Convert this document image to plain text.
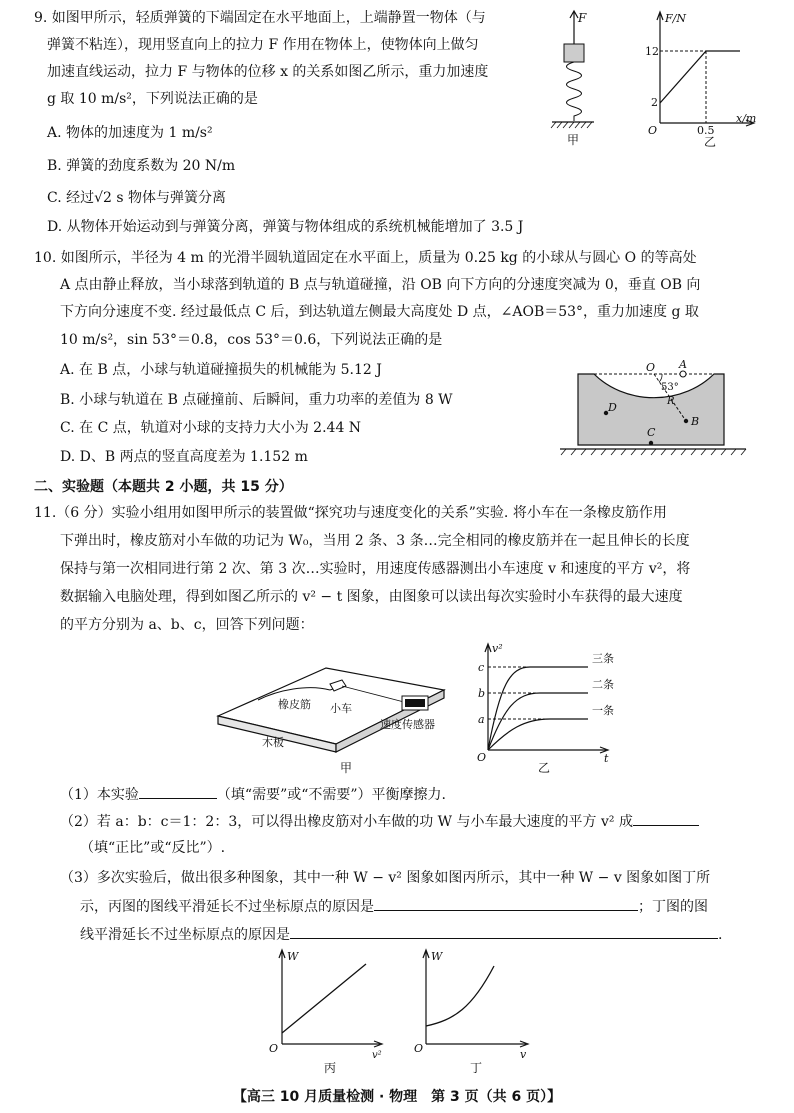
9. 如图甲所示，轻质弹簧的下端固定在水平地面上，上端静置一物体（与
弹簧不粘连），现用竖直向上的拉力 F 作用在物体上，使物体向上做匀
加速直线运动，拉力 F 与物体的位移 x 的关系如图乙所示，重力加速度
g 取 10 m/s²，下列说法正确的是
A. 物体的加速度为 1 m/s²
B. 弹簧的劲度系数为 20 N/m
C. 经过√2 s 物体与弹簧分离
D. 从物体开始运动到与弹簧分离，弹簧与物体组成的系统机械能增加了 3.5 J
F
甲
F/N
x/m
O
12
2
0.5
乙
10. 如图所示，半径为 4 m 的光滑半圆轨道固定在水平面上，质量为 0.25 kg 的小球从与圆心 O 的等高处
A 点由静止释放，当小球落到轨道的 B 点与轨道碰撞，沿 OB 向下方向的分速度突减为 0，垂直 OB 向
下方向分速度不变. 经过最低点 C 后，到达轨道左侧最大高度处 D 点，∠AOB＝53°，重力加速度 g 取
10 m/s²，sin 53°＝0.8，cos 53°＝0.6，下列说法正确的是
A. 在 B 点，小球与轨道碰撞损失的机械能为 5.12 J
B. 小球与轨道在 B 点碰撞前、后瞬间，重力功率的差值为 8 W
C. 在 C 点，轨道对小球的支持力大小为 2.44 N
D. D、B 两点的竖直高度差为 1.152 m
O A
53°
R
B
C
D
二、实验题（本题共 2 小题，共 15 分）
11.（6 分）实验小组用如图甲所示的装置做“探究功与速度变化的关系”实验. 将小车在一条橡皮筋作用
下弹出时，橡皮筋对小车做的功记为 W₀，当用 2 条、3 条…完全相同的橡皮筋并在一起且伸长的长度
保持与第一次相同进行第 2 次、第 3 次…实验时，用速度传感器测出小车速度 v 和速度的平方 v²，将
数据输入电脑处理，得到如图乙所示的 v² − t 图象，由图象可以读出每次实验时小车获得的最大速度
的平方分别为 a、b、c，回答下列问题：
橡皮筋 小车
木板
速度传感器
甲
v²
t
O
c
b
a
三条
二条
一条
乙
（1）本实验	（填“需要”或“不需要”）平衡摩擦力.
（2）若 a：b：c＝1：2：3，可以得出橡皮筋对小车做的功 W 与小车最大速度的平方 v² 成
（填“正比”或“反比”）.
（3）多次实验后，做出很多种图象，其中一种 W − v² 图象如图丙所示，其中一种 W − v 图象如图丁所
示，丙图的图线平滑延长不过坐标原点的原因是	；丁图的图
线平滑延长不过坐标原点的原因是	.
W
v²
O
丙
W
v
O
丁
【高三 10 月质量检测 · 物理　第 3 页（共 6 页）】
